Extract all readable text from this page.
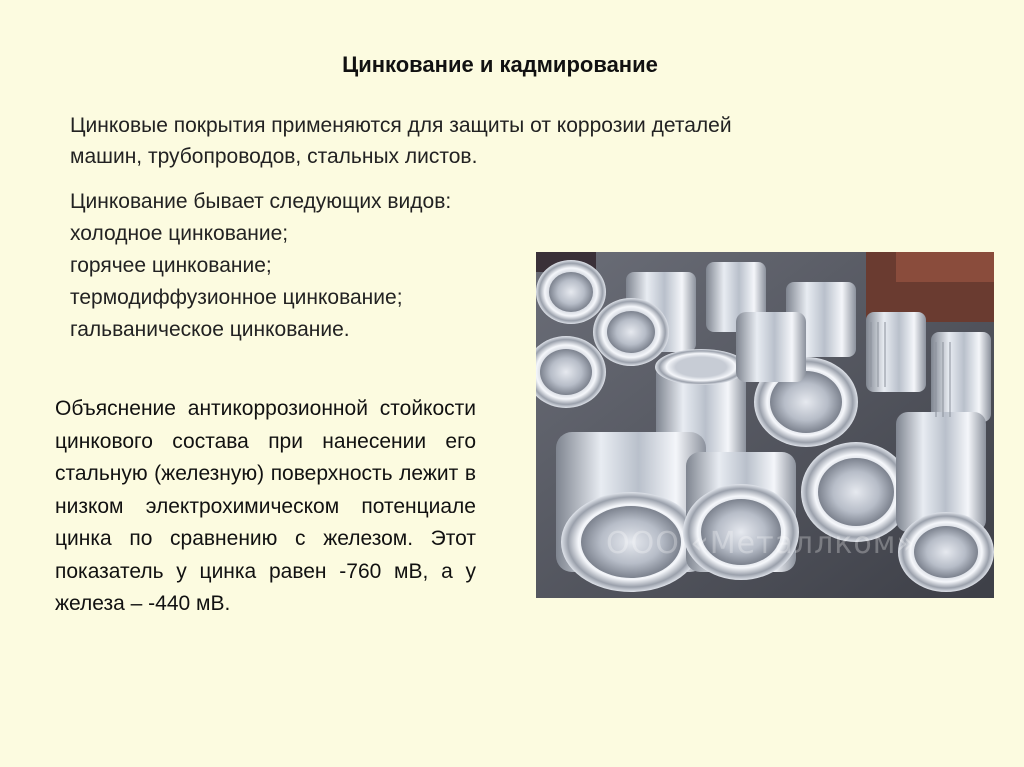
Цинкование и кадмирование
Цинковые покрытия применяются для защиты от коррозии деталей
машин, трубопроводов, стальных листов.
Цинкование бывает следующих видов:
холодное цинкование;
горячее цинкование;
термодиффузионное цинкование;
гальваническое цинкование.
Объяснение антикоррозионной стойкости цинкового состава при нанесении его стальную (железную) поверхность лежит в низком электрохимическом потенциале цинка по сравнению с железом. Этот показатель у цинка равен -760 мВ, а у железа – -440 мВ.
ООО «Металлком»
